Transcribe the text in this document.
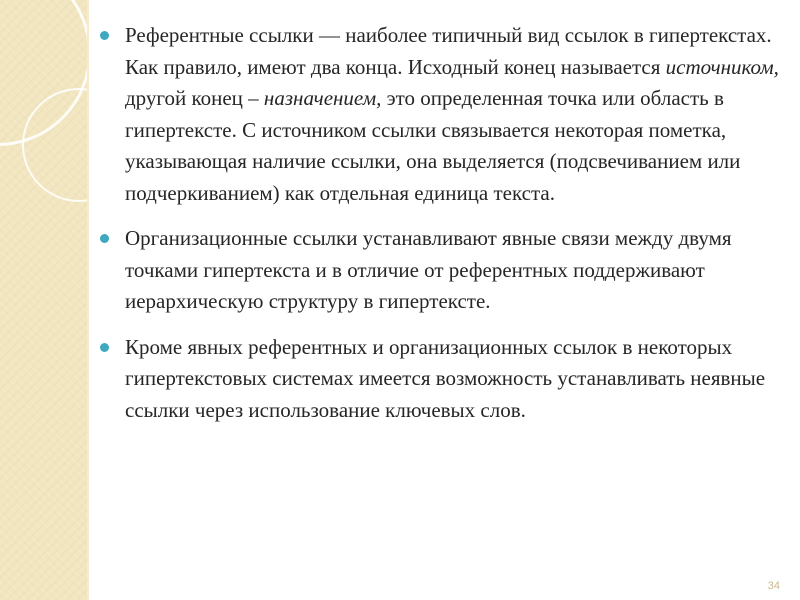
Референтные ссылки — наиболее типичный вид ссылок в гипертекстах. Как правило, имеют два конца. Исходный конец называется источником, другой конец – назначением, это определенная точка или область в гипертексте. С источником ссылки связывается некоторая пометка, указывающая наличие ссылки, она выделяется (подсвечиванием или подчеркиванием) как отдельная единица текста.
Организационные ссылки устанавливают явные связи между двумя точками гипертекста и в отличие от референтных поддерживают иерархическую структуру в гипертексте.
Кроме явных референтных и организационных ссылок в некоторых гипертекстовых системах имеется возможность устанавливать неявные ссылки через использование ключевых слов.
34
